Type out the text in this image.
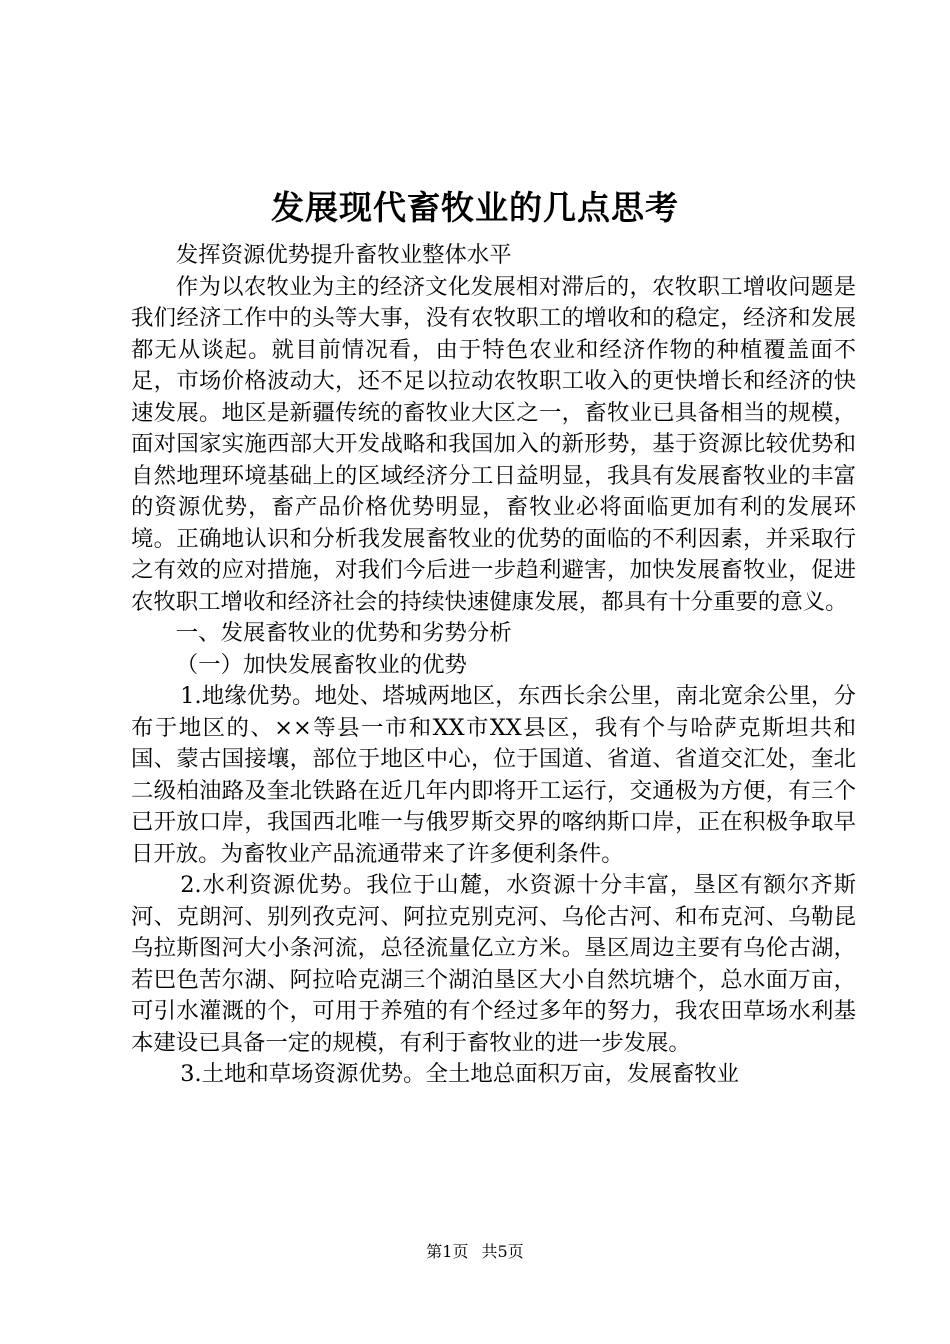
发展现代畜牧业的几点思考

发挥资源优势提升畜牧业整体水平

作为以农牧业为主的经济文化发展相对滞后的，农牧职工增收问题是我们经济工作中的头等大事，没有农牧职工的增收和的稳定，经济和发展都无从谈起。就目前情况看，由于特色农业和经济作物的种植覆盖面不足，市场价格波动大，还不足以拉动农牧职工收入的更快增长和经济的快速发展。地区是新疆传统的畜牧业大区之一，畜牧业已具备相当的规模，面对国家实施西部大开发战略和我国加入的新形势，基于资源比较优势和自然地理环境基础上的区域经济分工日益明显，我具有发展畜牧业的丰富的资源优势，畜产品价格优势明显，畜牧业必将面临更加有利的发展环境。正确地认识和分析我发展畜牧业的优势的面临的不利因素，并采取行之有效的应对措施，对我们今后进一步趋利避害，加快发展畜牧业，促进农牧职工增收和经济社会的持续快速健康发展，都具有十分重要的意义。

一、发展畜牧业的优势和劣势分析

（一）加快发展畜牧业的优势

1.地缘优势。地处、塔城两地区，东西长余公里，南北宽余公里，分布于地区的、××等县一市和XX市XX县区，我有个与哈萨克斯坦共和国、蒙古国接壤，部位于地区中心，位于国道、省道、省道交汇处，奎北二级柏油路及奎北铁路在近几年内即将开工运行，交通极为方便，有三个已开放口岸，我国西北唯一与俄罗斯交界的喀纳斯口岸，正在积极争取早日开放。为畜牧业产品流通带来了许多便利条件。

2.水利资源优势。我位于山麓，水资源十分丰富，垦区有额尔齐斯河、克朗河、别列孜克河、阿拉克别克河、乌伦古河、和布克河、乌勒昆乌拉斯图河大小条河流，总径流量亿立方米。垦区周边主要有乌伦古湖，若巴色苦尔湖、阿拉哈克湖三个湖泊垦区大小自然坑塘个，总水面万亩，可引水灌溉的个，可用于养殖的有个经过多年的努力，我农田草场水利基本建设已具备一定的规模，有利于畜牧业的进一步发展。

3.土地和草场资源优势。全土地总面积万亩，发展畜牧业

第1页 共5页
